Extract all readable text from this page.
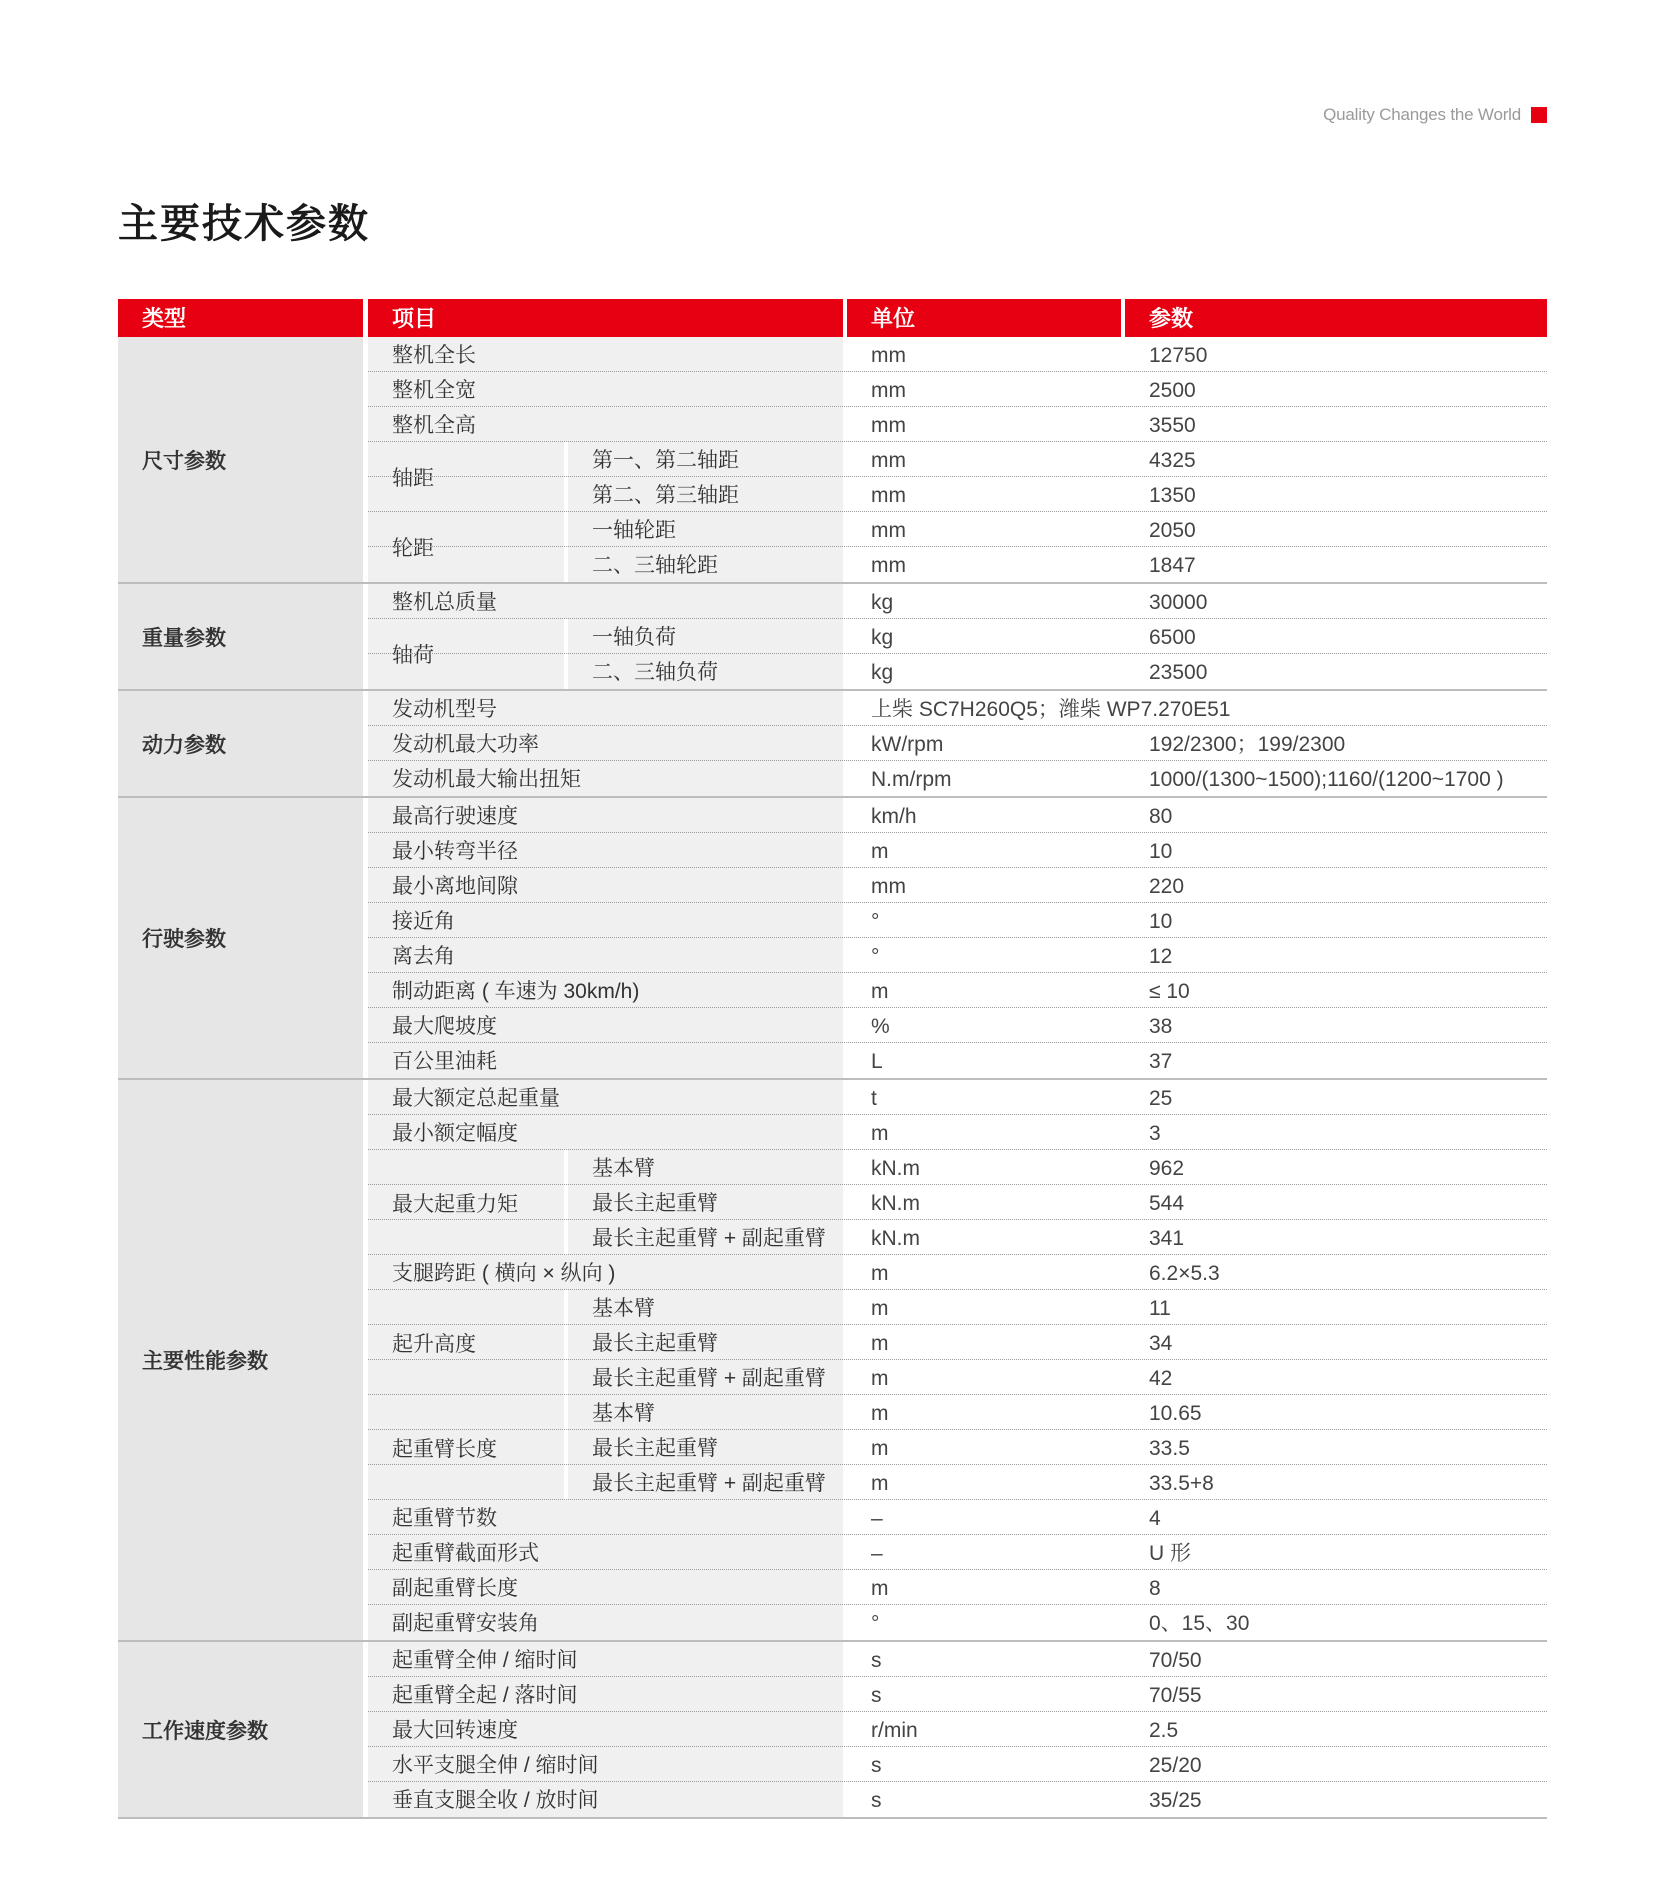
Quality Changes the World
主要技术参数
类型	项目	单位	参数
尺寸参数
整机全长	mm	12750
整机全宽	mm	2500
整机全高	mm	3550
轴距
第一、第二轴距	mm	4325
第二、第三轴距	mm	1350
轮距
一轴轮距	mm	2050
二、三轴轮距	mm	1847
重量参数
整机总质量	kg	30000
轴荷
一轴负荷	kg	6500
二、三轴负荷	kg	23500
动力参数
发动机型号	上柴 SC7H260Q5；潍柴 WP7.270E51
发动机最大功率	kW/rpm	192/2300；199/2300
发动机最大输出扭矩	N.m/rpm	1000/(1300~1500);1160/(1200~1700 )
行驶参数
最高行驶速度	km/h	80
最小转弯半径	m	10
最小离地间隙	mm	220
接近角	°	10
离去角	°	12
制动距离 ( 车速为 30km/h)	m	≤ 10
最大爬坡度	%	38
百公里油耗	L	37
主要性能参数
最大额定总起重量	t	25
最小额定幅度	m	3
最大起重力矩
基本臂	kN.m	962
最长主起重臂	kN.m	544
最长主起重臂 + 副起重臂	kN.m	341
支腿跨距 ( 横向 × 纵向 )	m	6.2×5.3
起升高度
基本臂	m	11
最长主起重臂	m	34
最长主起重臂 + 副起重臂	m	42
起重臂长度
基本臂	m	10.65
最长主起重臂	m	33.5
最长主起重臂 + 副起重臂	m	33.5+8
起重臂节数	–	4
起重臂截面形式	–	U 形
副起重臂长度	m	8
副起重臂安装角	°	0、15、30
工作速度参数
起重臂全伸 / 缩时间	s	70/50
起重臂全起 / 落时间	s	70/55
最大回转速度	r/min	2.5
水平支腿全伸 / 缩时间	s	25/20
垂直支腿全收 / 放时间	s	35/25
